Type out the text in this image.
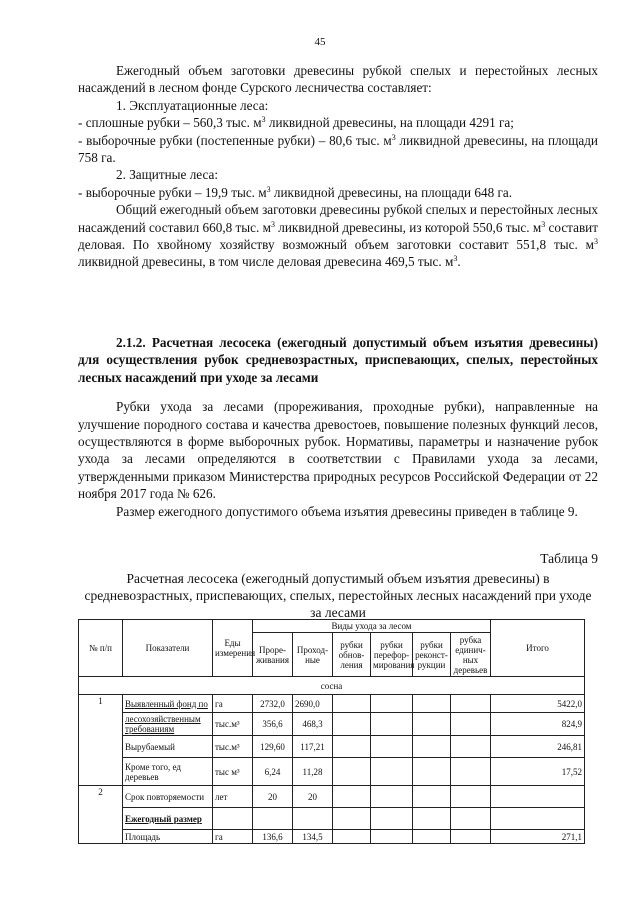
45

Ежегодный объем заготовки древесины рубкой спелых и перестойных лесных насаждений в лесном фонде Сурского лесничества составляет:

1. Эксплуатационные леса:

- сплошные рубки – 560,3 тыс. $м^3$ ликвидной древесины, на площади 4291 га;

- выборочные рубки (постепенные рубки) – 80,6 тыс. $м^3$ ликвидной древесины, на площади 758 га.

2. Защитные леса:

- выборочные рубки – 19,9 тыс. $м^3$ ликвидной древесины, на площади 648 га.

Общий ежегодный объем заготовки древесины рубкой спелых и перестойных лесных насаждений составил 660,8 тыс. $м^3$ ликвидной древесины, из которой 550,6 тыс. $м^3$ составит деловая. По хвойному хозяйству возможный объем заготовки составит 551,8 тыс. $м^3$ ликвидной древесины, в том числе деловая древесина 469,5 тыс. $м^3$.

2.1.2. Расчетная лесосека (ежегодный допустимый объем изъятия древесины) для осуществления рубок средневозрастных, приспевающих, спелых, перестойных лесных насаждений при уходе за лесами

Рубки ухода за лесами (прореживания, проходные рубки), направленные на улучшение породного состава и качества древостоев, повышение полезных функций лесов, осуществляются в форме выборочных рубок. Нормативы, параметры и назначение рубок ухода за лесами определяются в соответствии с Правилами ухода за лесами, утвержденными приказом Министерства природных ресурсов Российской Федерации от 22 ноября 2017 года № 626.

Размер ежегодного допустимого объема изъятия древесины приведен в таблице 9.

Таблица 9
Расчетная лесосека (ежегодный допустимый объем изъятия древесины) в средневозрастных, приспевающих, спелых, перестойных лесных насаждений при уходе за лесами
№ п/п	Показатели	Еды измерения	Виды ухода за лесом						Итого
			Проре-живания	Проход-ные	рубки обнов-ления	рубки перефор-мирования	рубки реконст-рукции	рубка единич-ных деревьев	
сосна									
1	Выявленный фонд по	га	2732,0	2690,0					5422,0
	лесохозяйственным требованиям	тыс.м³	356,6	468,3					824,9
	Вырубаемый	тыс.м³	129,60	117,21					246,81
	Кроме того, ед деревьев	тыс м³	6,24	11,28					17,52
2	Срок повторяемости	лет	20	20					
	Ежегодный размер								
	Площадь	га	136,6	134,5					271,1
